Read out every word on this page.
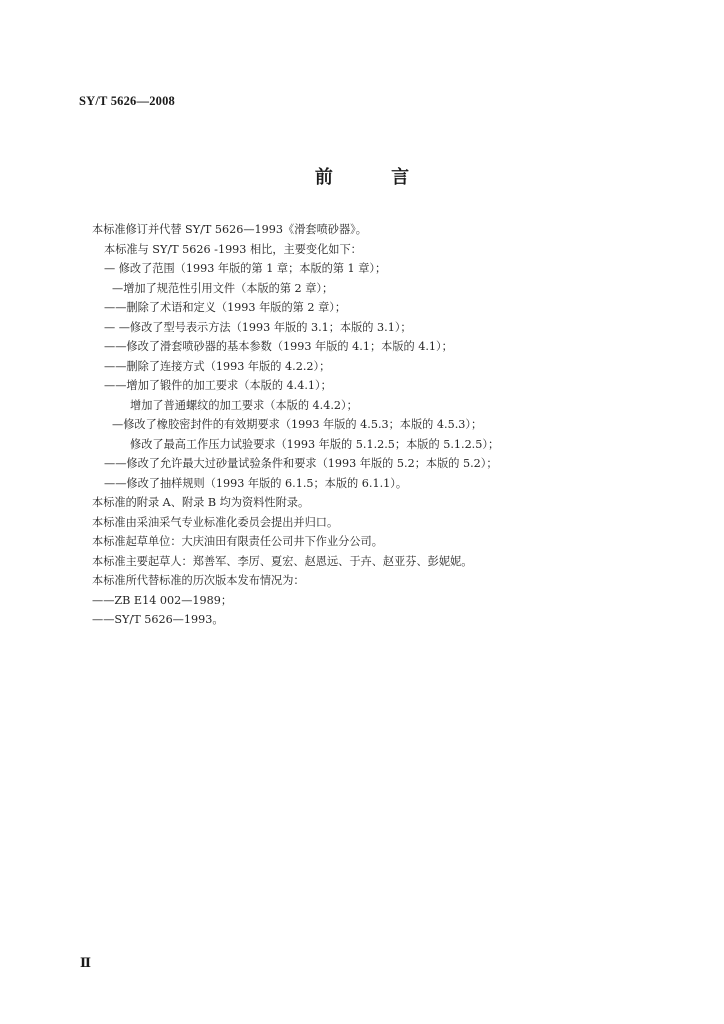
SY/T 5626—2008
前 言
本标准修订并代替 SY/T 5626—1993《滑套喷砂器》。
本标准与 SY/T 5626 -1993 相比，主要变化如下：
— 修改了范围（1993 年版的第 1 章；本版的第 1 章）；
—增加了规范性引用文件（本版的第 2 章）；
——删除了术语和定义（1993 年版的第 2 章）；
— —修改了型号表示方法（1993 年版的 3.1；本版的 3.1）；
——修改了滑套喷砂器的基本参数（1993 年版的 4.1；本版的 4.1）；
——删除了连接方式（1993 年版的 4.2.2）；
——增加了锻件的加工要求（本版的 4.4.1）；
增加了普通螺纹的加工要求（本版的 4.4.2）；
—修改了橡胶密封件的有效期要求（1993 年版的 4.5.3；本版的 4.5.3）；
修改了最高工作压力试验要求（1993 年版的 5.1.2.5；本版的 5.1.2.5）；
——修改了允许最大过砂量试验条件和要求（1993 年版的 5.2；本版的 5.2）；
——修改了抽样规则（1993 年版的 6.1.5；本版的 6.1.1）。
本标准的附录 A、附录 B 均为资料性附录。
本标准由采油采气专业标准化委员会提出并归口。
本标准起草单位：大庆油田有限责任公司井下作业分公司。
本标准主要起草人：郑善军、李厉、夏宏、赵恩远、于卉、赵亚芬、彭妮妮。
本标准所代替标准的历次版本发布情况为：
——ZB E14 002—1989；
——SY/T 5626—1993。
Ⅱ
